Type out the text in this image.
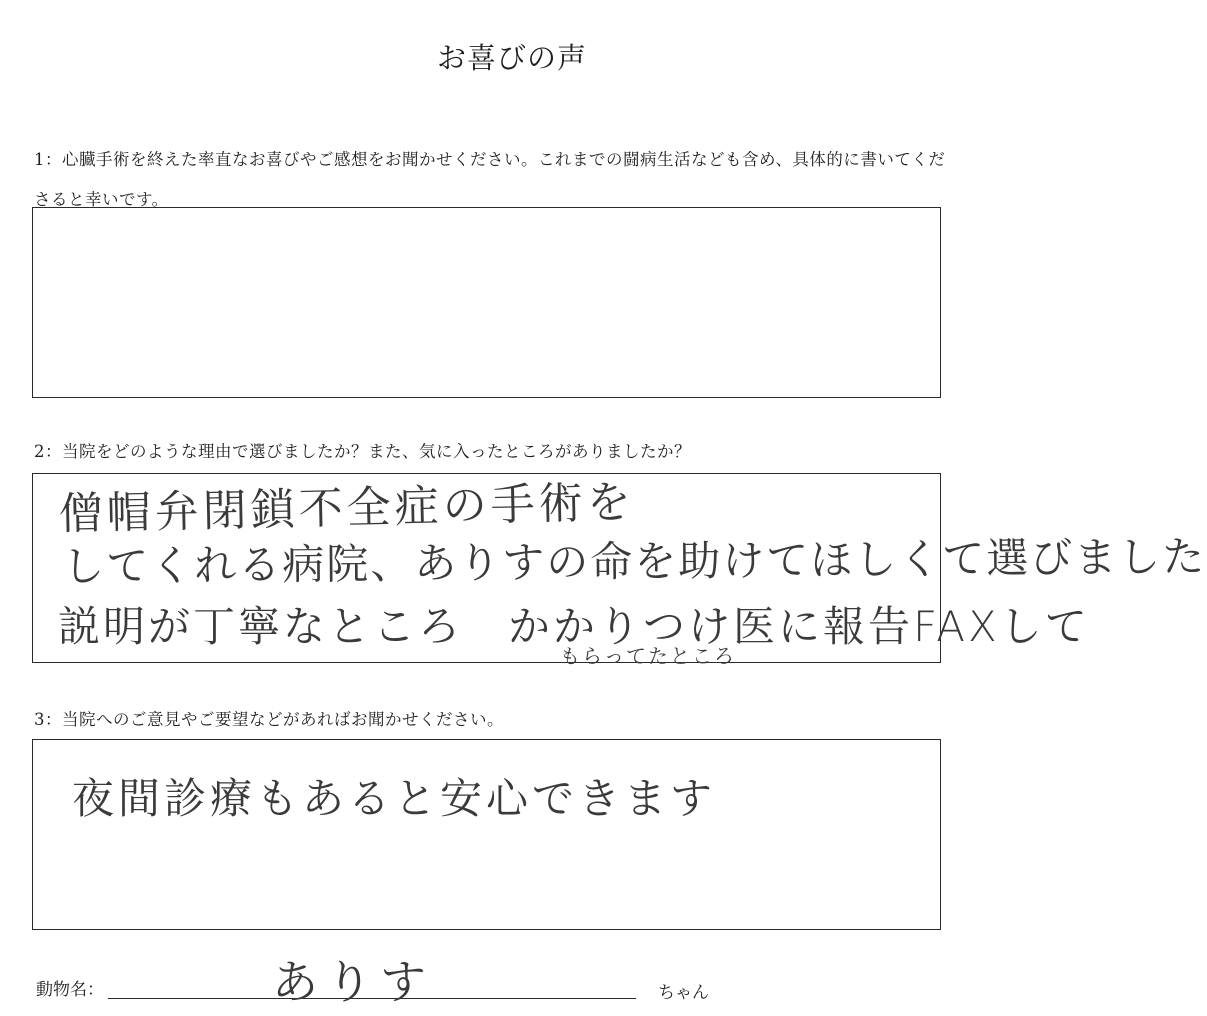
お喜びの声
1：心臓手術を終えた率直なお喜びやご感想をお聞かせください。これまでの闘病生活なども含め、具体的に書いてくださると幸いです。
2：当院をどのような理由で選びましたか？また、気に入ったところがありましたか？
僧帽弁閉鎖不全症の手術を
してくれる病院、ありすの命を助けてほしくて選びました
説明が丁寧なところ　かかりつけ医に報告FAXして
もらってたところ
3：当院へのご意見やご要望などがあればお聞かせください。
夜間診療もあると安心できます
動物名：	ありす	ちゃん
